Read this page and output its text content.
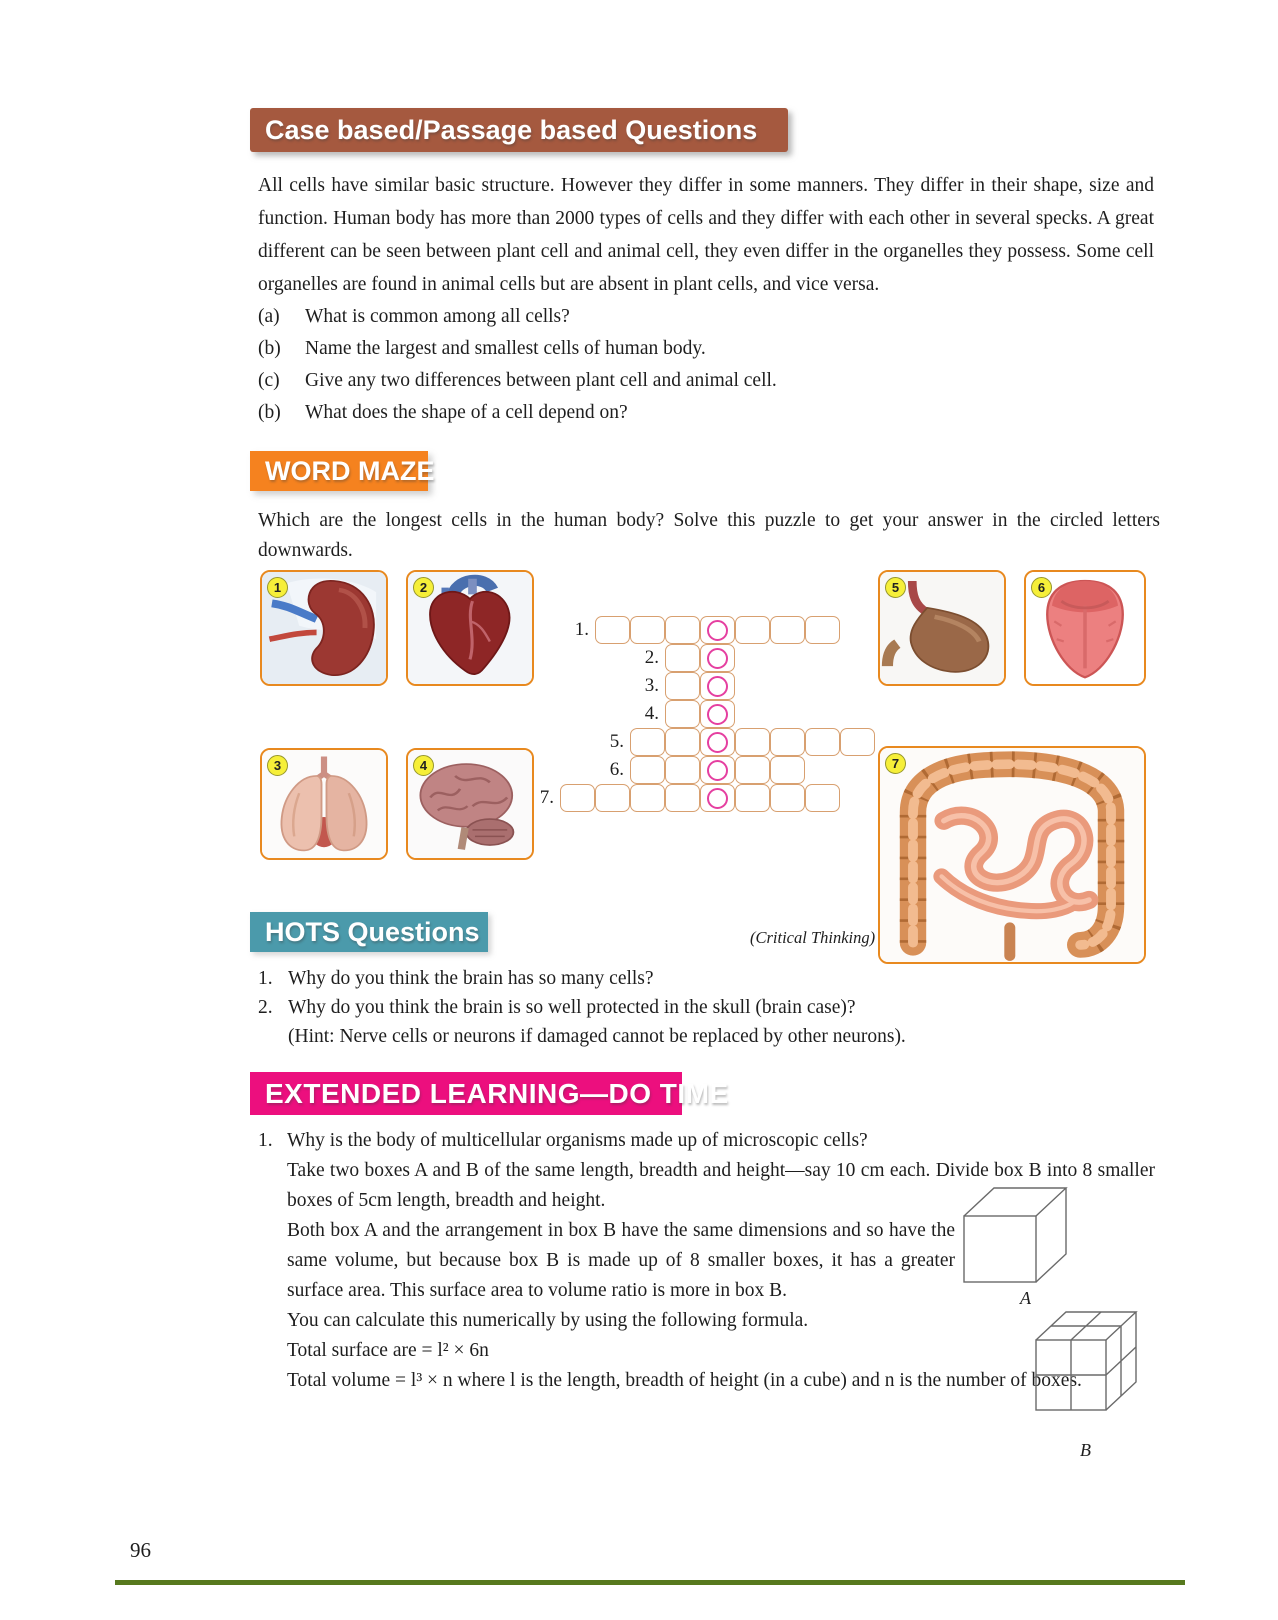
Case based/Passage based Questions
All cells have similar basic structure. However they differ in some manners. They differ in their shape, size and function. Human body has more than 2000 types of cells and they differ with each other in several specks. A great different can be seen between plant cell and animal cell, they even differ in the organelles they possess. Some cell organelles are found in animal cells but are absent in plant cells, and vice versa.
(a)	What is common among all cells?
(b)	Name the largest and smallest cells of human body.
(c)	Give any two differences between plant cell and animal cell.
(b)	What does the shape of a cell depend on?
WORD MAZE
Which are the longest cells in the human body? Solve this puzzle to get your answer in the circled letters downwards.
1	2
3	4
5	6
7
1.
2.
3.
4.
5.
6.
7.
HOTS Questions	(Critical Thinking)
1. Why do you think the brain has so many cells?
2. Why do you think the brain is so well protected in the skull (brain case)?
(Hint: Nerve cells or neurons if damaged cannot be replaced by other neurons).
EXTENDED LEARNING—DO TIME
1. Why is the body of multicellular organisms made up of microscopic cells?
Take two boxes A and B of the same length, breadth and height—say 10 cm each. Divide box B into 8 smaller boxes of 5cm length, breadth and height.
Both box A and the arrangement in box B have the same dimensions and so have the same volume, but because box B is made up of 8 smaller boxes, it has a greater surface area. This surface area to volume ratio is more in box B.
You can calculate this numerically by using the following formula.
Total surface are = l² × 6n
Total volume = l³ × n where l is the length, breadth of height (in a cube) and n is the number of boxes.
A
B
96
